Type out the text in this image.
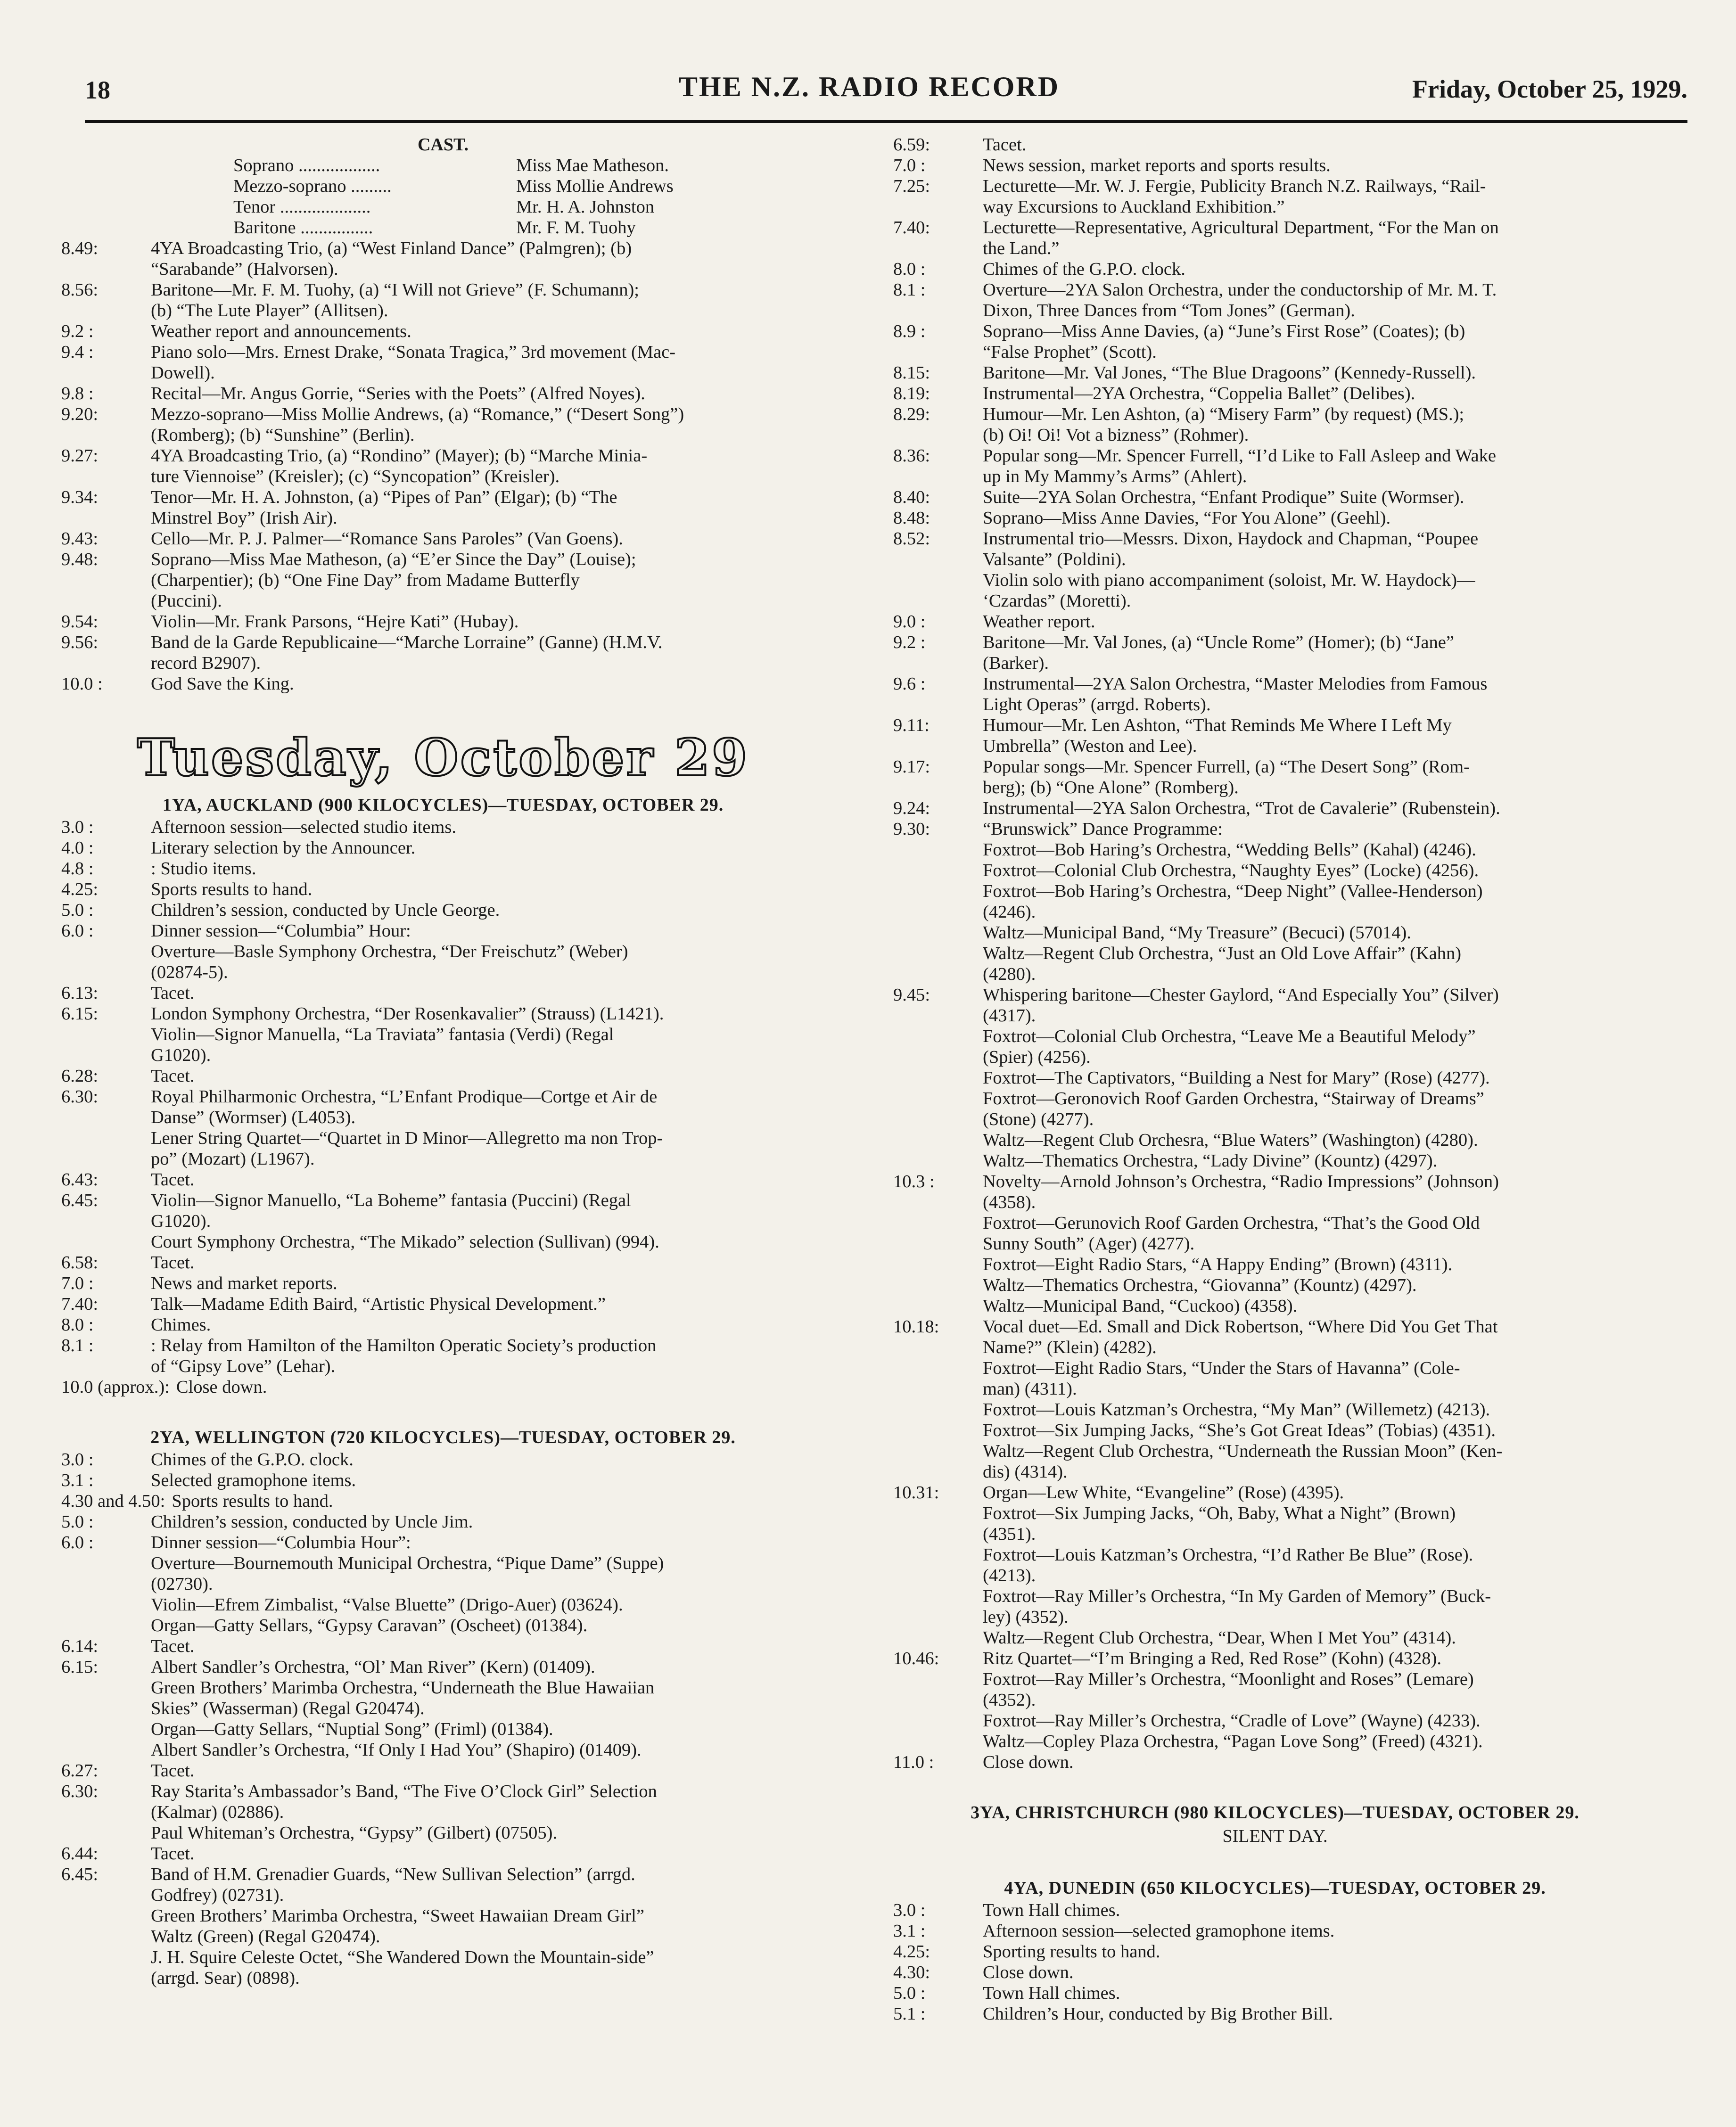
18	THE N.Z. RADIO RECORD	Friday, October 25, 1929.
CAST.
Soprano ..................	Miss Mae Matheson.
Mezzo-soprano .........	Miss Mollie Andrews
Tenor ....................	Mr. H. A. Johnston
Baritone ................	Mr. F. M. Tuohy
8.49:	4YA Broadcasting Trio, (a) “West Finland Dance” (Palmgren); (b)
“Sarabande” (Halvorsen).
8.56:	Baritone—Mr. F. M. Tuohy, (a) “I Will not Grieve” (F. Schumann);
(b) “The Lute Player” (Allitsen).
9.2 :	Weather report and announcements.
9.4 :	Piano solo—Mrs. Ernest Drake, “Sonata Tragica,” 3rd movement (Mac-
Dowell).
9.8 :	Recital—Mr. Angus Gorrie, “Series with the Poets” (Alfred Noyes).
9.20:	Mezzo-soprano—Miss Mollie Andrews, (a) “Romance,” (“Desert Song”)
(Romberg); (b) “Sunshine” (Berlin).
9.27:	4YA Broadcasting Trio, (a) “Rondino” (Mayer); (b) “Marche Minia-
ture Viennoise” (Kreisler); (c) “Syncopation” (Kreisler).
9.34:	Tenor—Mr. H. A. Johnston, (a) “Pipes of Pan” (Elgar); (b) “The
Minstrel Boy” (Irish Air).
9.43:	Cello—Mr. P. J. Palmer—“Romance Sans Paroles” (Van Goens).
9.48:	Soprano—Miss Mae Matheson, (a) “E’er Since the Day” (Louise);
(Charpentier); (b) “One Fine Day” from Madame Butterfly
(Puccini).
9.54:	Violin—Mr. Frank Parsons, “Hejre Kati” (Hubay).
9.56:	Band de la Garde Republicaine—“Marche Lorraine” (Ganne) (H.M.V.
record B2907).
10.0 :	God Save the King.
Tuesday, October 29
1YA, AUCKLAND (900 KILOCYCLES)—TUESDAY, OCTOBER 29.
3.0 :	Afternoon session—selected studio items.
4.0 :	Literary selection by the Announcer.
4.8 :	: Studio items.
4.25:	Sports results to hand.
5.0 :	Children’s session, conducted by Uncle George.
6.0 :	Dinner session—“Columbia” Hour:
Overture—Basle Symphony Orchestra, “Der Freischutz” (Weber)
(02874-5).
6.13:	Tacet.
6.15:	London Symphony Orchestra, “Der Rosenkavalier” (Strauss) (L1421).
Violin—Signor Manuella, “La Traviata” fantasia (Verdi) (Regal
G1020).
6.28:	Tacet.
6.30:	Royal Philharmonic Orchestra, “L’Enfant Prodique—Cortge et Air de
Danse” (Wormser) (L4053).
Lener String Quartet—“Quartet in D Minor—Allegretto ma non Trop-
po” (Mozart) (L1967).
6.43:	Tacet.
6.45:	Violin—Signor Manuello, “La Boheme” fantasia (Puccini) (Regal
G1020).
Court Symphony Orchestra, “The Mikado” selection (Sullivan) (994).
6.58:	Tacet.
7.0 :	News and market reports.
7.40:	Talk—Madame Edith Baird, “Artistic Physical Development.”
8.0 :	Chimes.
8.1 :	: Relay from Hamilton of the Hamilton Operatic Society’s production
of “Gipsy Love” (Lehar).
10.0 (approx.): Close down.
2YA, WELLINGTON (720 KILOCYCLES)—TUESDAY, OCTOBER 29.
3.0 :	Chimes of the G.P.O. clock.
3.1 :	Selected gramophone items.
4.30 and 4.50: Sports results to hand.
5.0 :	Children’s session, conducted by Uncle Jim.
6.0 :	Dinner session—“Columbia Hour”:
Overture—Bournemouth Municipal Orchestra, “Pique Dame” (Suppe)
(02730).
Violin—Efrem Zimbalist, “Valse Bluette” (Drigo-Auer) (03624).
Organ—Gatty Sellars, “Gypsy Caravan” (Oscheet) (01384).
6.14:	Tacet.
6.15:	Albert Sandler’s Orchestra, “Ol’ Man River” (Kern) (01409).
Green Brothers’ Marimba Orchestra, “Underneath the Blue Hawaiian
Skies” (Wasserman) (Regal G20474).
Organ—Gatty Sellars, “Nuptial Song” (Friml) (01384).
Albert Sandler’s Orchestra, “If Only I Had You” (Shapiro) (01409).
6.27:	Tacet.
6.30:	Ray Starita’s Ambassador’s Band, “The Five O’Clock Girl” Selection
(Kalmar) (02886).
Paul Whiteman’s Orchestra, “Gypsy” (Gilbert) (07505).
6.44:	Tacet.
6.45:	Band of H.M. Grenadier Guards, “New Sullivan Selection” (arrgd.
Godfrey) (02731).
Green Brothers’ Marimba Orchestra, “Sweet Hawaiian Dream Girl”
Waltz (Green) (Regal G20474).
J. H. Squire Celeste Octet, “She Wandered Down the Mountain-side”
(arrgd. Sear) (0898).
6.59:	Tacet.
7.0 :	News session, market reports and sports results.
7.25:	Lecturette—Mr. W. J. Fergie, Publicity Branch N.Z. Railways, “Rail-
way Excursions to Auckland Exhibition.”
7.40:	Lecturette—Representative, Agricultural Department, “For the Man on
the Land.”
8.0 :	Chimes of the G.P.O. clock.
8.1 :	Overture—2YA Salon Orchestra, under the conductorship of Mr. M. T.
Dixon, Three Dances from “Tom Jones” (German).
8.9 :	Soprano—Miss Anne Davies, (a) “June’s First Rose” (Coates); (b)
“False Prophet” (Scott).
8.15:	Baritone—Mr. Val Jones, “The Blue Dragoons” (Kennedy-Russell).
8.19:	Instrumental—2YA Orchestra, “Coppelia Ballet” (Delibes).
8.29:	Humour—Mr. Len Ashton, (a) “Misery Farm” (by request) (MS.);
(b) Oi! Oi! Vot a bizness” (Rohmer).
8.36:	Popular song—Mr. Spencer Furrell, “I’d Like to Fall Asleep and Wake
up in My Mammy’s Arms” (Ahlert).
8.40:	Suite—2YA Solan Orchestra, “Enfant Prodique” Suite (Wormser).
8.48:	Soprano—Miss Anne Davies, “For You Alone” (Geehl).
8.52:	Instrumental trio—Messrs. Dixon, Haydock and Chapman, “Poupee
Valsante” (Poldini).
Violin solo with piano accompaniment (soloist, Mr. W. Haydock)—
‘Czardas” (Moretti).
9.0 :	Weather report.
9.2 :	Baritone—Mr. Val Jones, (a) “Uncle Rome” (Homer); (b) “Jane”
(Barker).
9.6 :	Instrumental—2YA Salon Orchestra, “Master Melodies from Famous
Light Operas” (arrgd. Roberts).
9.11:	Humour—Mr. Len Ashton, “That Reminds Me Where I Left My
Umbrella” (Weston and Lee).
9.17:	Popular songs—Mr. Spencer Furrell, (a) “The Desert Song” (Rom-
berg); (b) “One Alone” (Romberg).
9.24:	Instrumental—2YA Salon Orchestra, “Trot de Cavalerie” (Rubenstein).
9.30:	“Brunswick” Dance Programme:
Foxtrot—Bob Haring’s Orchestra, “Wedding Bells” (Kahal) (4246).
Foxtrot—Colonial Club Orchestra, “Naughty Eyes” (Locke) (4256).
Foxtrot—Bob Haring’s Orchestra, “Deep Night” (Vallee-Henderson)
(4246).
Waltz—Municipal Band, “My Treasure” (Becuci) (57014).
Waltz—Regent Club Orchestra, “Just an Old Love Affair” (Kahn)
(4280).
9.45:	Whispering baritone—Chester Gaylord, “And Especially You” (Silver)
(4317).
Foxtrot—Colonial Club Orchestra, “Leave Me a Beautiful Melody”
(Spier) (4256).
Foxtrot—The Captivators, “Building a Nest for Mary” (Rose) (4277).
Foxtrot—Geronovich Roof Garden Orchestra, “Stairway of Dreams”
(Stone) (4277).
Waltz—Regent Club Orchesra, “Blue Waters” (Washington) (4280).
Waltz—Thematics Orchestra, “Lady Divine” (Kountz) (4297).
10.3 :	Novelty—Arnold Johnson’s Orchestra, “Radio Impressions” (Johnson)
(4358).
Foxtrot—Gerunovich Roof Garden Orchestra, “That’s the Good Old
Sunny South” (Ager) (4277).
Foxtrot—Eight Radio Stars, “A Happy Ending” (Brown) (4311).
Waltz—Thematics Orchestra, “Giovanna” (Kountz) (4297).
Waltz—Municipal Band, “Cuckoo) (4358).
10.18:	Vocal duet—Ed. Small and Dick Robertson, “Where Did You Get That
Name?” (Klein) (4282).
Foxtrot—Eight Radio Stars, “Under the Stars of Havanna” (Cole-
man) (4311).
Foxtrot—Louis Katzman’s Orchestra, “My Man” (Willemetz) (4213).
Foxtrot—Six Jumping Jacks, “She’s Got Great Ideas” (Tobias) (4351).
Waltz—Regent Club Orchestra, “Underneath the Russian Moon” (Ken-
dis) (4314).
10.31:	Organ—Lew White, “Evangeline” (Rose) (4395).
Foxtrot—Six Jumping Jacks, “Oh, Baby, What a Night” (Brown)
(4351).
Foxtrot—Louis Katzman’s Orchestra, “I’d Rather Be Blue” (Rose).
(4213).
Foxtrot—Ray Miller’s Orchestra, “In My Garden of Memory” (Buck-
ley) (4352).
Waltz—Regent Club Orchestra, “Dear, When I Met You” (4314).
10.46:	Ritz Quartet—“I’m Bringing a Red, Red Rose” (Kohn) (4328).
Foxtrot—Ray Miller’s Orchestra, “Moonlight and Roses” (Lemare)
(4352).
Foxtrot—Ray Miller’s Orchestra, “Cradle of Love” (Wayne) (4233).
Waltz—Copley Plaza Orchestra, “Pagan Love Song” (Freed) (4321).
11.0 :	Close down.
3YA, CHRISTCHURCH (980 KILOCYCLES)—TUESDAY, OCTOBER 29.
SILENT DAY.
4YA, DUNEDIN (650 KILOCYCLES)—TUESDAY, OCTOBER 29.
3.0 :	Town Hall chimes.
3.1 :	Afternoon session—selected gramophone items.
4.25:	Sporting results to hand.
4.30:	Close down.
5.0 :	Town Hall chimes.
5.1 :	Children’s Hour, conducted by Big Brother Bill.
